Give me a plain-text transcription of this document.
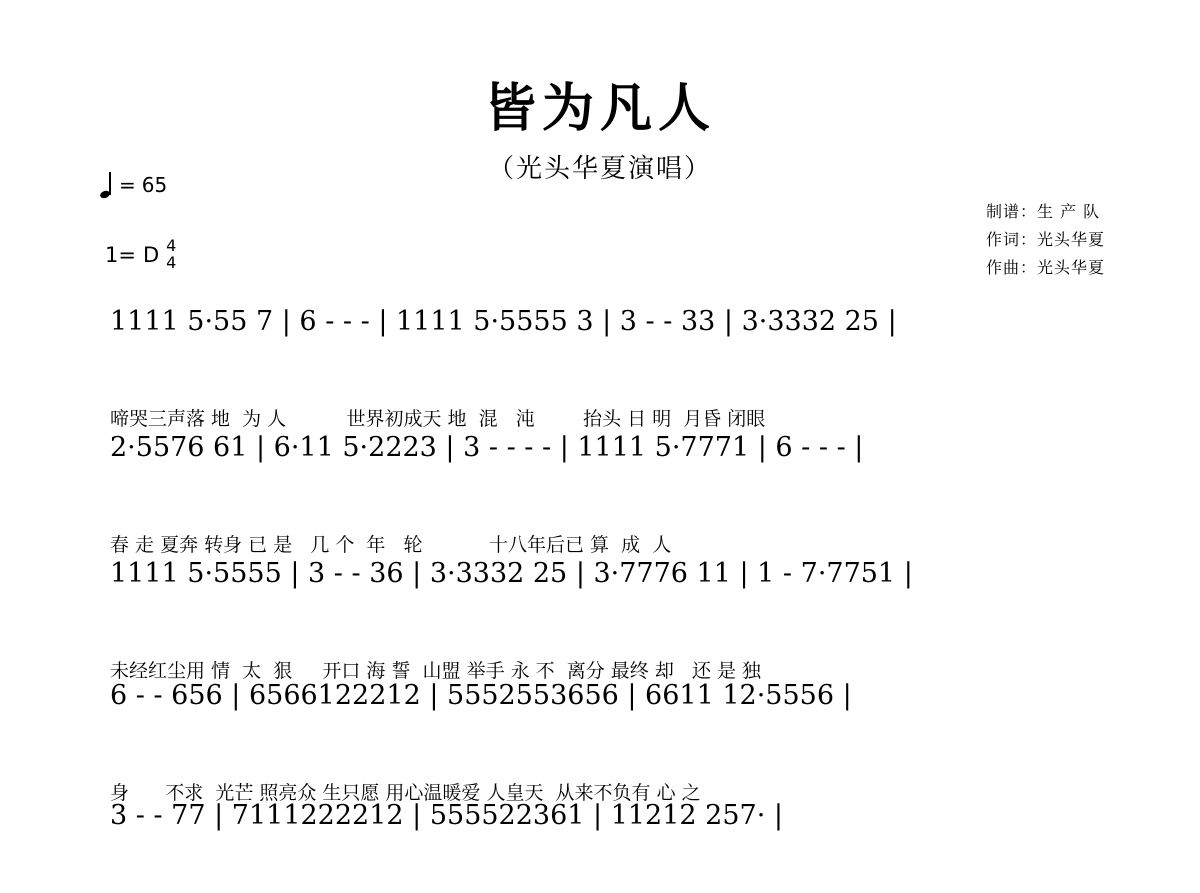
皆为凡人
（光头华夏演唱）
= 65
1= D 4
4
制谱：生 产 队
作词：光头华夏
作曲：光头华夏

1111 5·55 7 | 6 - - - | 1111 5·5555 3 | 3 - - 33 | 3·3332 25 |

啼哭三声落 地  为 人          世界初成天 地  混   沌        抬头 日 明  月昏 闭眼

2·5576 61 | 6·11 5·2223 | 3 - - - - | 1111 5·7771 | 6 - - - |

春 走 夏奔 转身 已 是   几 个  年   轮           十八年后已 算  成  人

1111 5·5555 | 3 - - 36 | 3·3332 25 | 3·7776 11 | 1 - 7·7751 |

未经红尘用 情  太  狠     开口 海 誓  山盟 举手 永 不  离分 最终 却   还 是 独

6 - - 656 | 6566122212 | 5552553656 | 6611 12·5556 |

身      不求  光芒 照亮众 生只愿 用心温暖爱 人皇天  从来不负有 心 之

3 - - 77 | 7111222212 | 555522361 | 11212 257· |
